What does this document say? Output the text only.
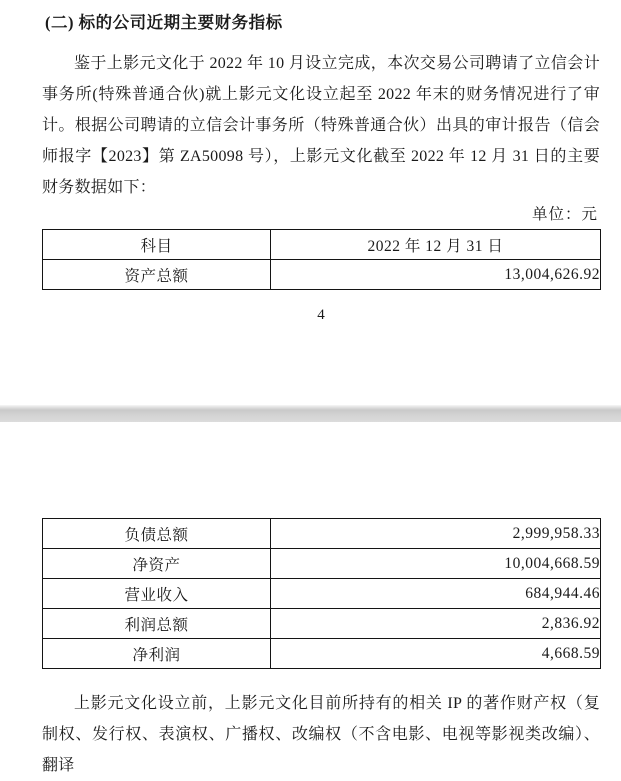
(二) 标的公司近期主要财务指标

鉴于上影元文化于 2022 年 10 月设立完成，本次交易公司聘请了立信会计事务所(特殊普通合伙)就上影元文化设立起至 2022 年末的财务情况进行了审计。根据公司聘请的立信会计事务所（特殊普通合伙）出具的审计报告（信会师报字【2023】第 ZA50098 号），上影元文化截至 2022 年 12 月 31 日的主要财务数据如下：

单位：元
科目	2022 年 12 月 31 日
资产总额	13,004,626.92
4
负债总额	2,999,958.33
净资产	10,004,668.59
营业收入	684,944.46
利润总额	2,836.92
净利润	4,668.59

上影元文化设立前，上影元文化目前所持有的相关 IP 的著作财产权（复制权、发行权、表演权、广播权、改编权（不含电影、电视等影视类改编）、翻译
